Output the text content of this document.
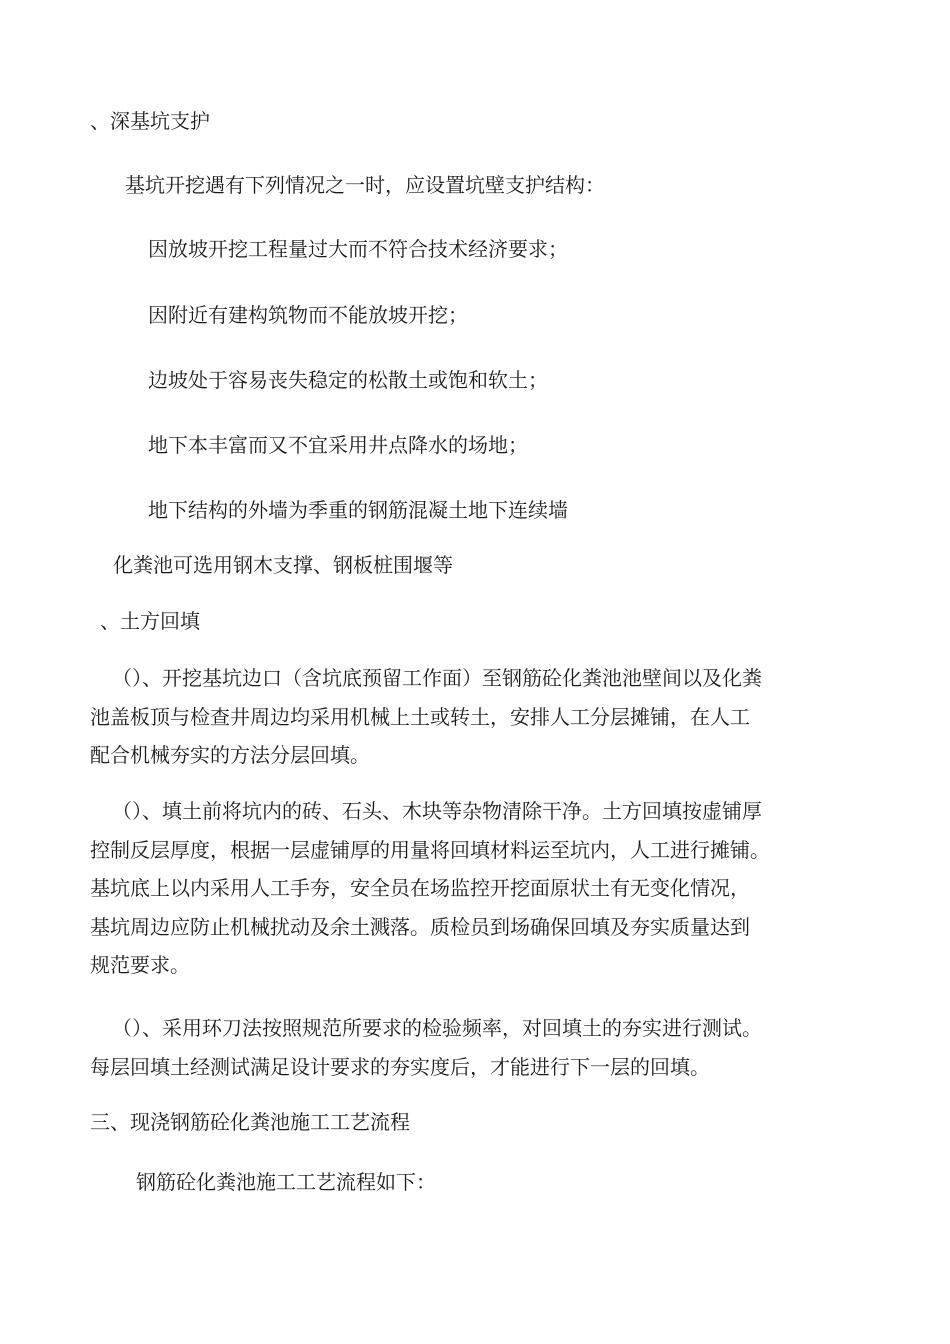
、深基坑支护

基坑开挖遇有下列情况之一时，应设置坑壁支护结构：

因放坡开挖工程量过大而不符合技术经济要求；

因附近有建构筑物而不能放坡开挖；

边坡处于容易丧失稳定的松散土或饱和软土；

地下本丰富而又不宜采用井点降水的场地；

地下结构的外墙为季重的钢筋混凝土地下连续墙

化粪池可选用钢木支撑、钢板桩围堰等

、土方回填

（）、开挖基坑边口（含坑底预留工作面）至钢筋砼化粪池池壁间以及化粪
池盖板顶与检查井周边均采用机械上土或转土，安排人工分层摊铺，在人工
配合机械夯实的方法分层回填。
（）、填土前将坑内的砖、石头、木块等杂物清除干净。土方回填按虚铺厚
控制反层厚度，根据一层虚铺厚的用量将回填材料运至坑内，人工进行摊铺。
基坑底上以内采用人工手夯，安全员在场监控开挖面原状土有无变化情况，
基坑周边应防止机械扰动及余土溅落。质检员到场确保回填及夯实质量达到
规范要求。
（）、采用环刀法按照规范所要求的检验频率，对回填土的夯实进行测试。
每层回填土经测试满足设计要求的夯实度后，才能进行下一层的回填。

三、现浇钢筋砼化粪池施工工艺流程

钢筋砼化粪池施工工艺流程如下：
